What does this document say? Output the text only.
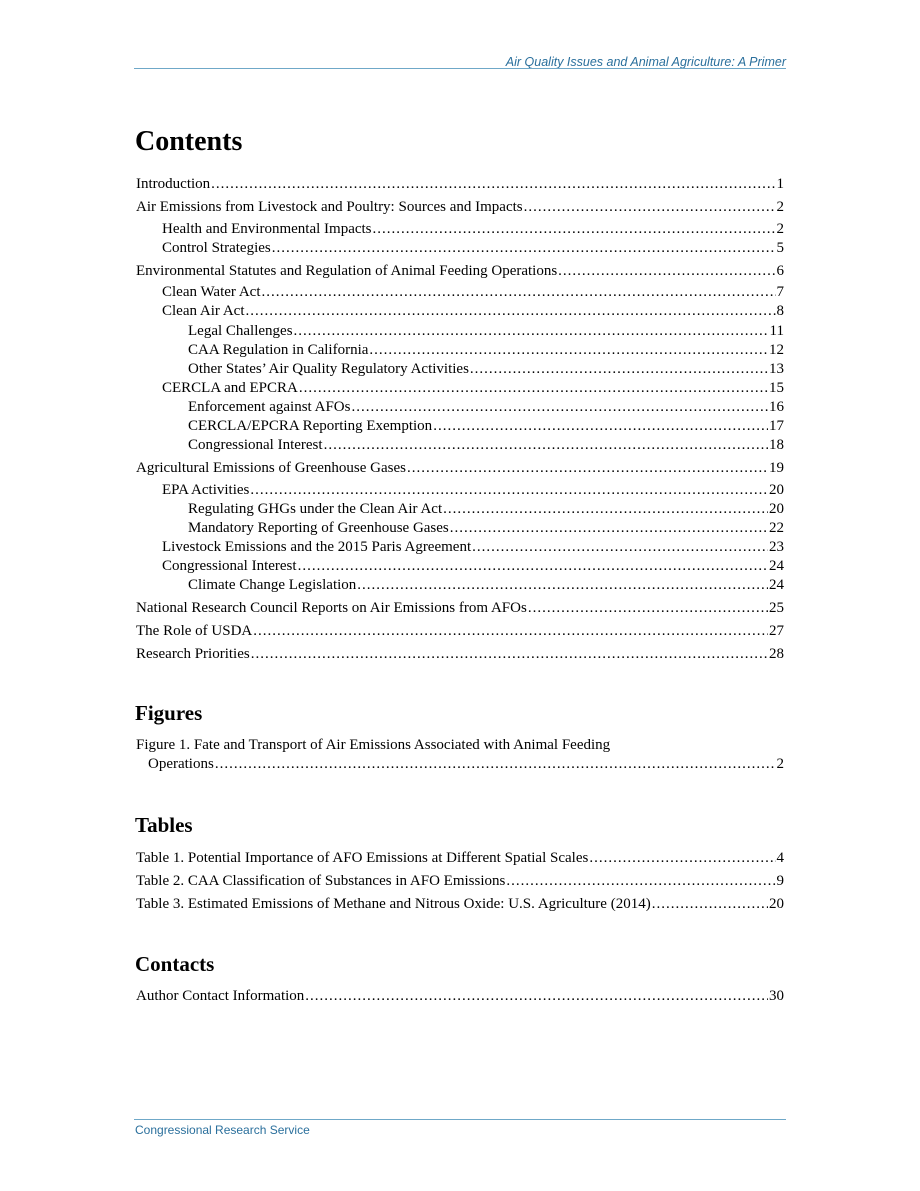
Air Quality Issues and Animal Agriculture: A Primer
Contents
Introduction .....	1
Air Emissions from Livestock and Poultry: Sources and Impacts .....	2
Health and Environmental Impacts .....	2
Control Strategies .....	5
Environmental Statutes and Regulation of Animal Feeding Operations .....	6
Clean Water Act .....	7
Clean Air Act .....	8
Legal Challenges .....	11
CAA Regulation in California .....	12
Other States’ Air Quality Regulatory Activities .....	13
CERCLA and EPCRA .....	15
Enforcement against AFOs .....	16
CERCLA/EPCRA Reporting Exemption .....	17
Congressional Interest .....	18
Agricultural Emissions of Greenhouse Gases .....	19
EPA Activities .....	20
Regulating GHGs under the Clean Air Act .....	20
Mandatory Reporting of Greenhouse Gases .....	22
Livestock Emissions and the 2015 Paris Agreement .....	23
Congressional Interest .....	24
Climate Change Legislation .....	24
National Research Council Reports on Air Emissions from AFOs .....	25
The Role of USDA .....	27
Research Priorities .....	28
Figures
Figure 1. Fate and Transport of Air Emissions Associated with Animal Feeding
Operations .....	2
Tables
Table 1. Potential Importance of AFO Emissions at Different Spatial Scales .....	4
Table 2. CAA Classification of Substances in AFO Emissions .....	9
Table 3. Estimated Emissions of Methane and Nitrous Oxide: U.S. Agriculture (2014) .....	20
Contacts
Author Contact Information .....	30
Congressional Research Service
